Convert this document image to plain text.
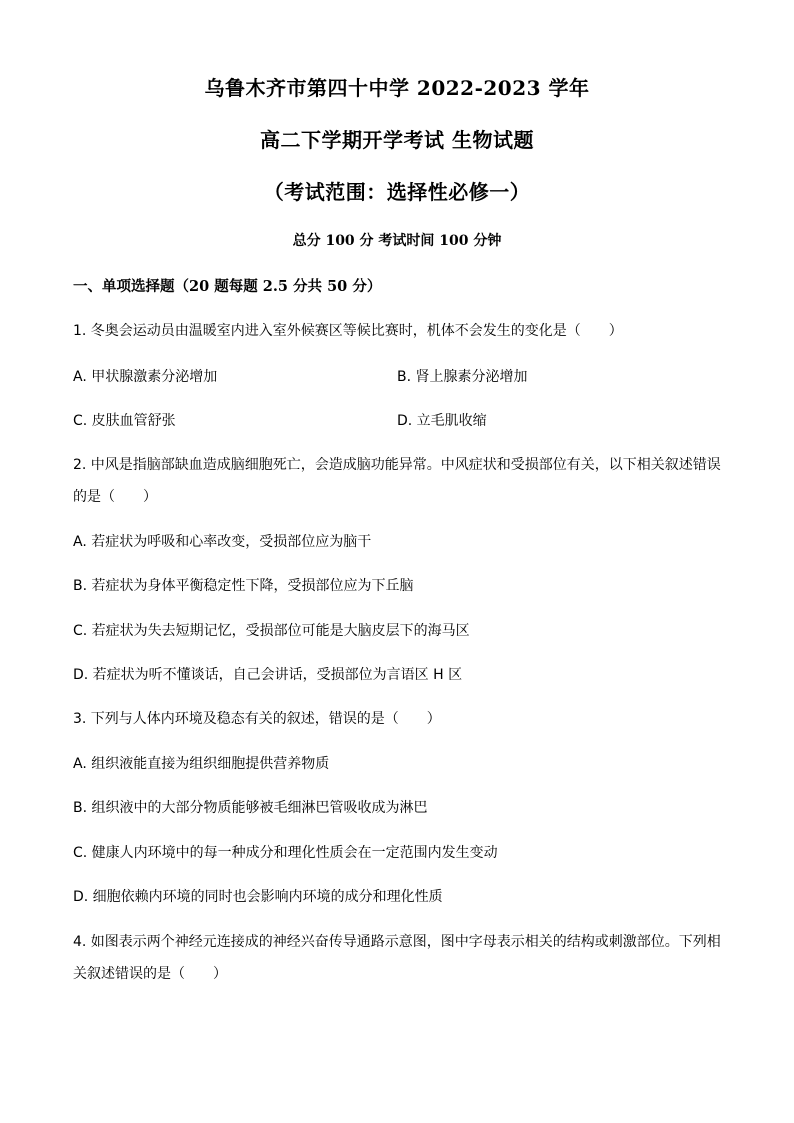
乌鲁木齐市第四十中学 2022-2023 学年
高二下学期开学考试 生物试题
（考试范围：选择性必修一）
总分 100 分 考试时间 100 分钟
一、单项选择题（20 题每题 2.5 分共 50 分）
1. 冬奥会运动员由温暖室内进入室外候赛区等候比赛时，机体不会发生的变化是（　　）
A. 甲状腺激素分泌增加	B. 肾上腺素分泌增加
C. 皮肤血管舒张	D. 立毛肌收缩
2. 中风是指脑部缺血造成脑细胞死亡，会造成脑功能异常。中风症状和受损部位有关，以下相关叙述错误
的是（　　）
A. 若症状为呼吸和心率改变，受损部位应为脑干
B. 若症状为身体平衡稳定性下降，受损部位应为下丘脑
C. 若症状为失去短期记忆，受损部位可能是大脑皮层下的海马区
D. 若症状为听不懂谈话，自己会讲话，受损部位为言语区 H 区
3. 下列与人体内环境及稳态有关的叙述，错误的是（　　）
A. 组织液能直接为组织细胞提供营养物质
B. 组织液中的大部分物质能够被毛细淋巴管吸收成为淋巴
C. 健康人内环境中的每一种成分和理化性质会在一定范围内发生变动
D. 细胞依赖内环境的同时也会影响内环境的成分和理化性质
4. 如图表示两个神经元连接成的神经兴奋传导通路示意图，图中字母表示相关的结构或刺激部位。下列相
关叙述错误的是（　　）
